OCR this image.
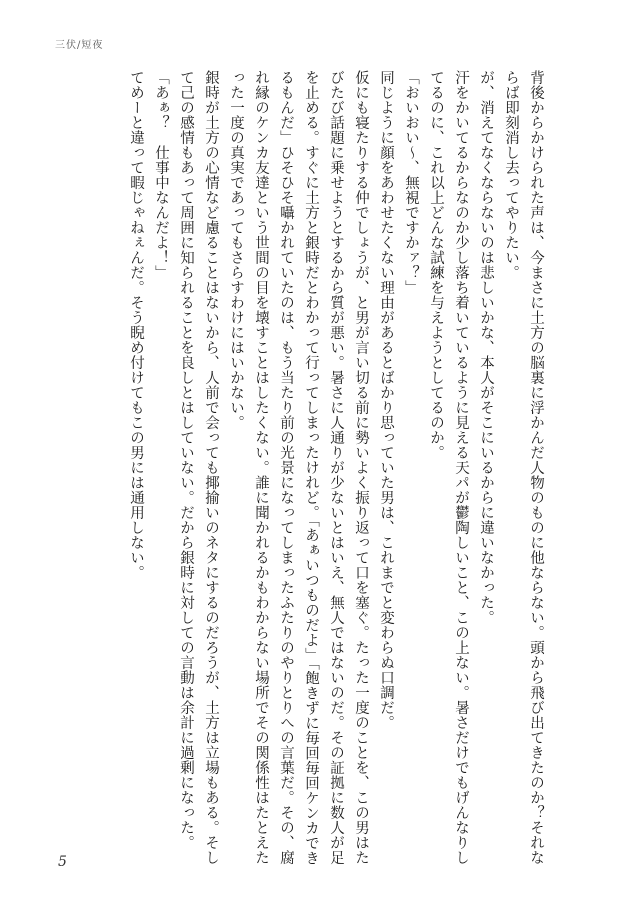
三伏/短夜

背後からかけられた声は、今まさに土方の脳裏に浮かんだ人物のものに他ならない。頭から飛び出てきたのか？それならば即刻消し去ってやりたい。

が、消えてなくならないのは悲しいかな、本人がそこにいるからに違いなかった。

汗をかいてるからなのか少し落ち着いているように見える天パが鬱陶しいこと、この上ない。暑さだけでもげんなりしてるのに、これ以上どんな試練を与えようとしてるのか。

「おいおい～、無視ですかァ？」

同じように顔をあわせたくない理由があるとばかり思っていた男は、これまでと変わらぬ口調だ。

仮にも寝たりする仲でしょうが、と男が言い切る前に勢いよく振り返って口を塞ぐ。たった一度のことを、この男はたびたび話題に乗せようとするから質が悪い。暑さに人通りが少ないとはいえ、無人ではないのだ。その証拠に数人が足を止める。すぐに土方と銀時だとわかって行ってしまったけれど。「あぁいつものだよ」「飽きずに毎回毎回ケンカできるもんだ」ひそひそ囁かれていたのは、もう当たり前の光景になってしまったふたりのやりとりへの言葉だ。その、腐れ縁のケンカ友達という世間の目を壊すことはしたくない。誰に聞かれるかもわからない場所でその関係性はたとえたった一度の真実であってもさらすわけにはいかない。

銀時が土方の心情など慮ることはないから、人前で会っても揶揄いのネタにするのだろうが、土方は立場もある。そして己の感情もあって周囲に知られることを良しとはしていない。だから銀時に対しての言動は余計に過剰になった。

「あぁ？　仕事中なんだよ！」

てめーと違って暇じゃねぇんだ。そう睨め付けてもこの男には通用しない。

5
